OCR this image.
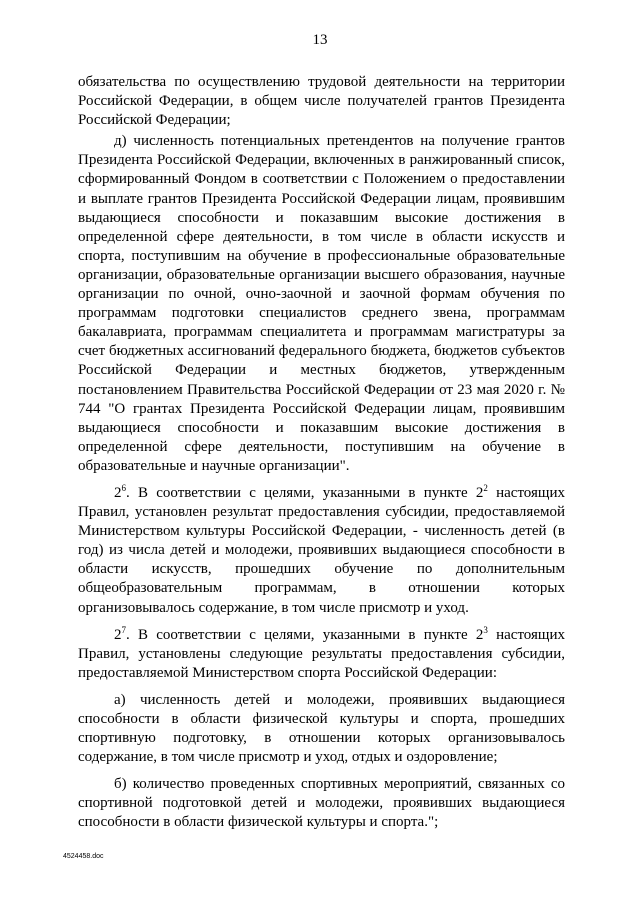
13

обязательства по осуществлению трудовой деятельности на территории Российской Федерации, в общем числе получателей грантов Президента Российской Федерации;

д) численность потенциальных претендентов на получение грантов Президента Российской Федерации, включенных в ранжированный список, сформированный Фондом в соответствии с Положением о предоставлении и выплате грантов Президента Российской Федерации лицам, проявившим выдающиеся способности и показавшим высокие достижения в определенной сфере деятельности, в том числе в области искусств и спорта, поступившим на обучение в профессиональные образовательные организации, образовательные организации высшего образования, научные организации по очной, очно-заочной и заочной формам обучения по программам подготовки специалистов среднего звена, программам бакалавриата, программам специалитета и программам магистратуры за счет бюджетных ассигнований федерального бюджета, бюджетов субъектов Российской Федерации и местных бюджетов, утвержденным постановлением Правительства Российской Федерации от 23 мая 2020 г. № 744 "О грантах Президента Российской Федерации лицам, проявившим выдающиеся способности и показавшим высокие достижения в определенной сфере деятельности, поступившим на обучение в образовательные и научные организации".

$2^6$. В соответствии с целями, указанными в пункте $2^2$ настоящих Правил, установлен результат предоставления субсидии, предоставляемой Министерством культуры Российской Федерации, - численность детей (в год) из числа детей и молодежи, проявивших выдающиеся способности в области искусств, прошедших обучение по дополнительным общеобразовательным программам, в отношении которых организовывалось содержание, в том числе присмотр и уход.

$2^7$. В соответствии с целями, указанными в пункте $2^3$ настоящих Правил, установлены следующие результаты предоставления субсидии, предоставляемой Министерством спорта Российской Федерации:

а) численность детей и молодежи, проявивших выдающиеся способности в области физической культуры и спорта, прошедших спортивную подготовку, в отношении которых организовывалось содержание, в том числе присмотр и уход, отдых и оздоровление;

б) количество проведенных спортивных мероприятий, связанных со спортивной подготовкой детей и молодежи, проявивших выдающиеся способности в области физической культуры и спорта.";

4524458.doc
